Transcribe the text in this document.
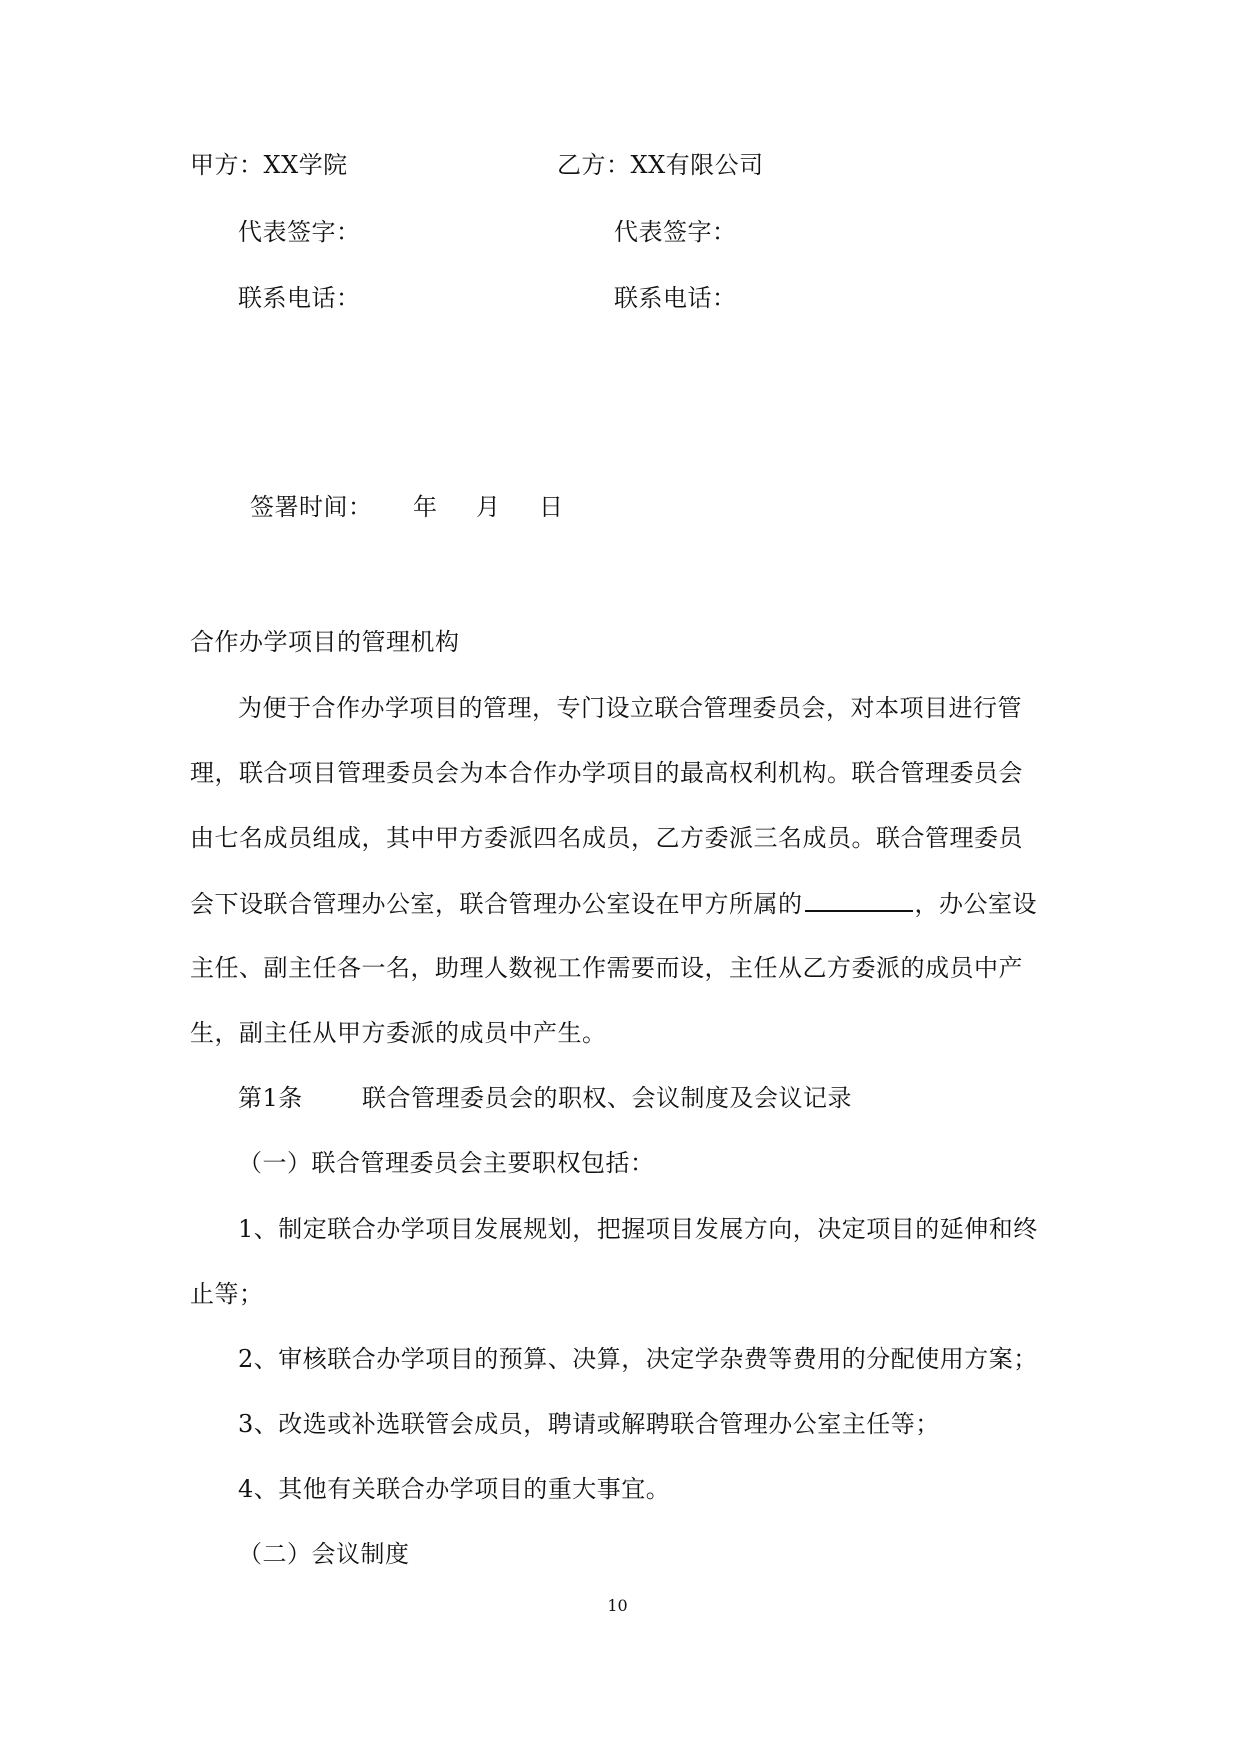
甲方：XX学院	乙方：XX有限公司
代表签字：	代表签字：
联系电话：	联系电话：
签署时间： 年 月 日
合作办学项目的管理机构
为便于合作办学项目的管理，专门设立联合管理委员会，对本项目进行管
理，联合项目管理委员会为本合作办学项目的最高权利机构。联合管理委员会
由七名成员组成，其中甲方委派四名成员，乙方委派三名成员。联合管理委员
会下设联合管理办公室，联合管理办公室设在甲方所属的	，办公室设
主任、副主任各一名，助理人数视工作需要而设，主任从乙方委派的成员中产
生，副主任从甲方委派的成员中产生。
第1条 联合管理委员会的职权、会议制度及会议记录
（一）联合管理委员会主要职权包括：
1、制定联合办学项目发展规划，把握项目发展方向，决定项目的延伸和终
止等；
2、审核联合办学项目的预算、决算，决定学杂费等费用的分配使用方案；
3、改选或补选联管会成员，聘请或解聘联合管理办公室主任等；
4、其他有关联合办学项目的重大事宜。
（二）会议制度
10
